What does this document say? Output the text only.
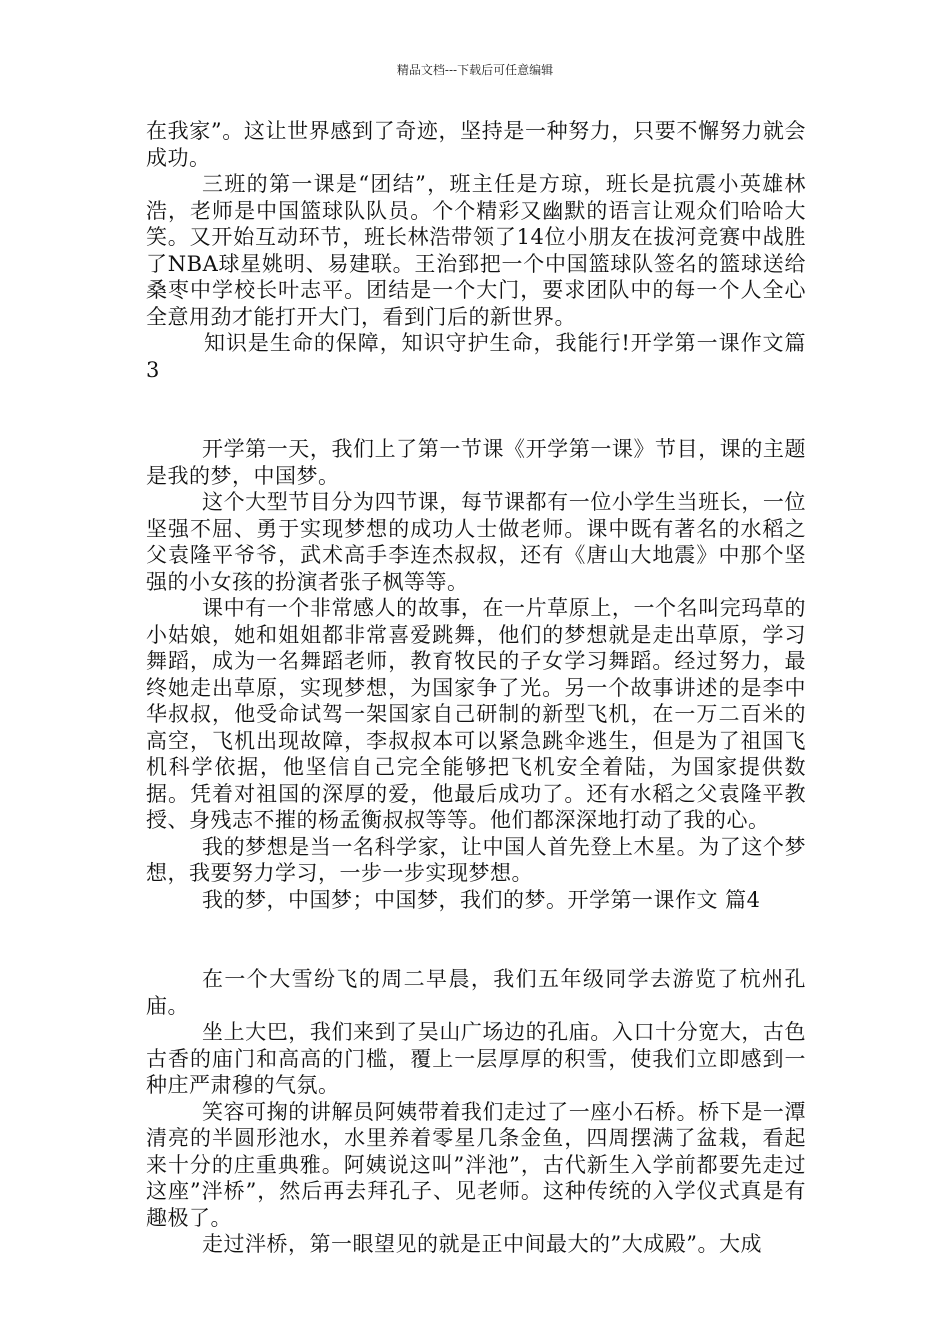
精品文档---下载后可任意编辑

在我家”。这让世界感到了奇迹，坚持是一种努力，只要不懈努力就会成功。

三班的第一课是“团结”，班主任是方琼，班长是抗震小英雄林浩，老师是中国篮球队队员。个个精彩又幽默的语言让观众们哈哈大笑。又开始互动环节，班长林浩带领了14位小朋友在拔河竞赛中战胜了NBA球星姚明、易建联。王治郅把一个中国篮球队签名的篮球送给桑枣中学校长叶志平。团结是一个大门，要求团队中的每一个人全心全意用劲才能打开大门，看到门后的新世界。

知识是生命的保障，知识守护生命，我能行!开学第一课作文篇3

开学第一天，我们上了第一节课《开学第一课》节目，课的主题是我的梦，中国梦。

这个大型节目分为四节课，每节课都有一位小学生当班长，一位坚强不屈、勇于实现梦想的成功人士做老师。课中既有著名的水稻之父袁隆平爷爷，武术高手李连杰叔叔，还有《唐山大地震》中那个坚强的小女孩的扮演者张子枫等等。

课中有一个非常感人的故事，在一片草原上，一个名叫完玛草的小姑娘，她和姐姐都非常喜爱跳舞，他们的梦想就是走出草原，学习舞蹈，成为一名舞蹈老师，教育牧民的子女学习舞蹈。经过努力，最终她走出草原，实现梦想，为国家争了光。另一个故事讲述的是李中华叔叔，他受命试驾一架国家自己研制的新型飞机，在一万二百米的高空，飞机出现故障，李叔叔本可以紧急跳伞逃生，但是为了祖国飞机科学依据，他坚信自己完全能够把飞机安全着陆，为国家提供数据。凭着对祖国的深厚的爱，他最后成功了。还有水稻之父袁隆平教授、身残志不摧的杨孟衡叔叔等等。他们都深深地打动了我的心。

我的梦想是当一名科学家，让中国人首先登上木星。为了这个梦想，我要努力学习，一步一步实现梦想。

我的梦，中国梦；中国梦，我们的梦。开学第一课作文 篇4

在一个大雪纷飞的周二早晨，我们五年级同学去游览了杭州孔庙。

坐上大巴，我们来到了吴山广场边的孔庙。入口十分宽大，古色古香的庙门和高高的门槛，覆上一层厚厚的积雪，使我们立即感到一种庄严肃穆的气氛。

笑容可掬的讲解员阿姨带着我们走过了一座小石桥。桥下是一潭清亮的半圆形池水，水里养着零星几条金鱼，四周摆满了盆栽，看起来十分的庄重典雅。阿姨说这叫”泮池”，古代新生入学前都要先走过这座”泮桥”，然后再去拜孔子、见老师。这种传统的入学仪式真是有趣极了。

走过泮桥，第一眼望见的就是正中间最大的”大成殿”。大成
